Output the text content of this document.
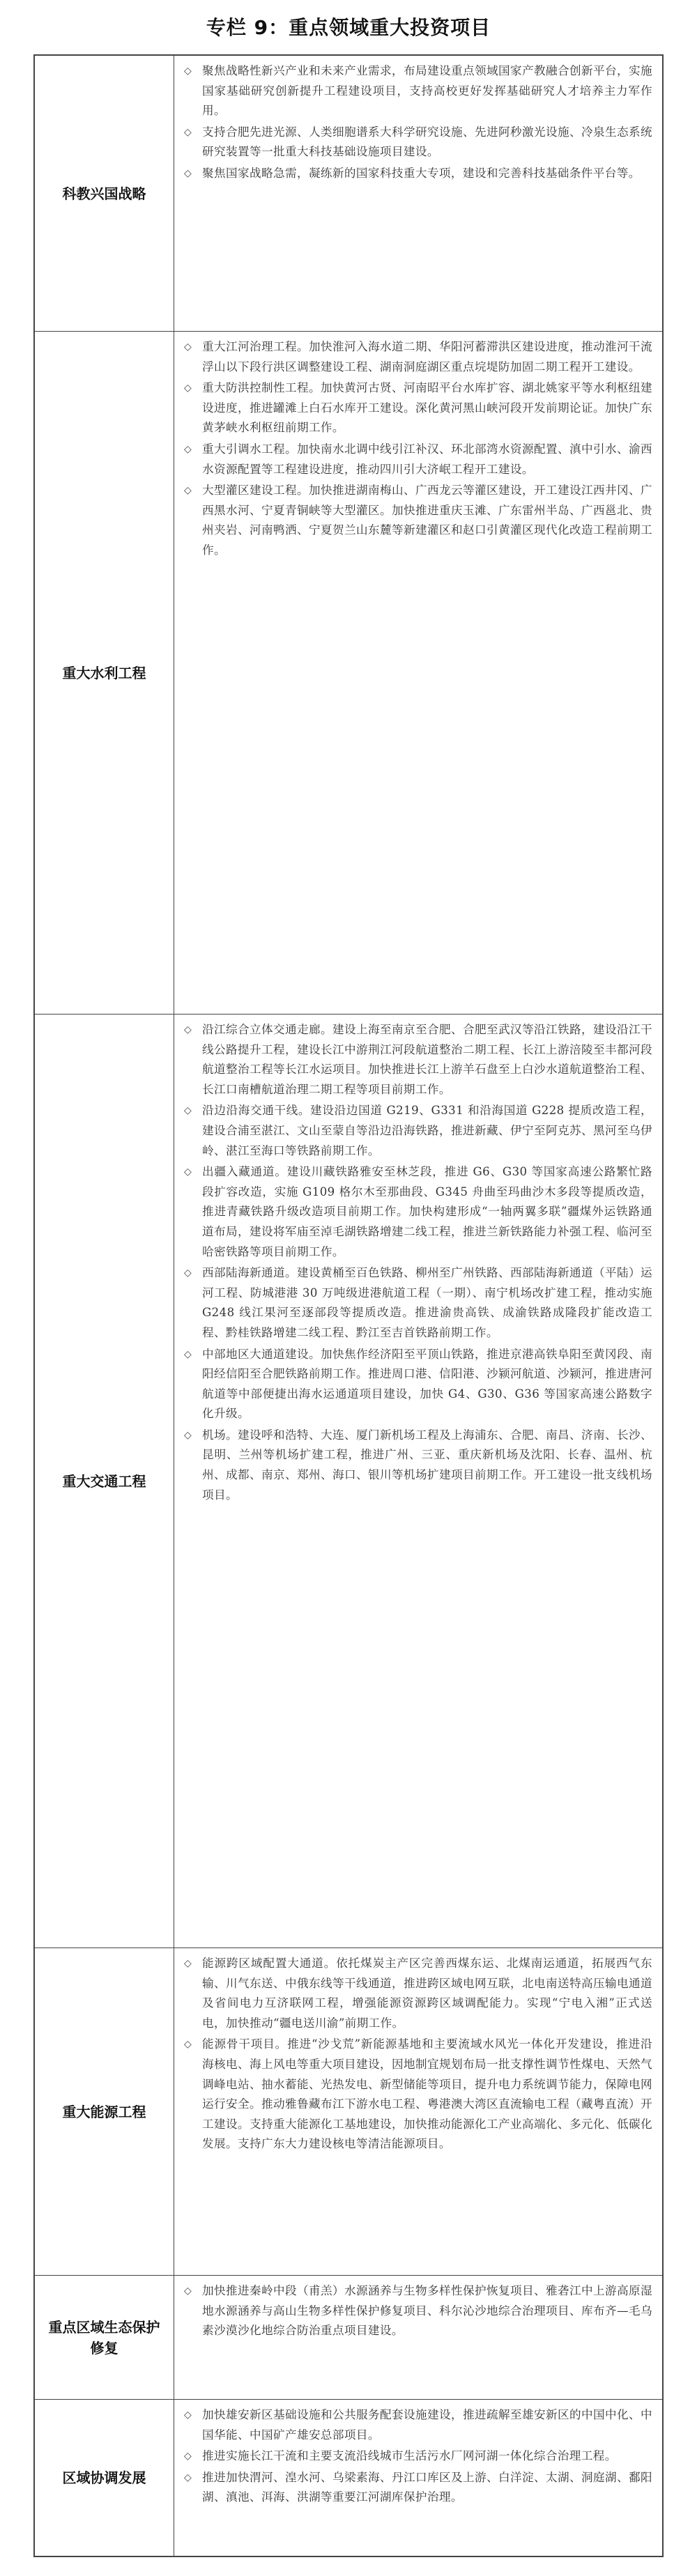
专栏 9：重点领域重大投资项目
科教兴国战略
◇ 聚焦战略性新兴产业和未来产业需求，布局建设重点领域国家产教融合创新平台，实施国家基础研究创新提升工程建设项目，支持高校更好发挥基础研究人才培养主力军作用。
◇ 支持合肥先进光源、人类细胞谱系大科学研究设施、先进阿秒激光设施、冷泉生态系统研究装置等一批重大科技基础设施项目建设。
◇ 聚焦国家战略急需，凝练新的国家科技重大专项，建设和完善科技基础条件平台等。
重大水利工程
◇ 重大江河治理工程。加快淮河入海水道二期、华阳河蓄滞洪区建设进度，推动淮河干流浮山以下段行洪区调整建设工程、湖南洞庭湖区重点垸堤防加固二期工程开工建设。
◇ 重大防洪控制性工程。加快黄河古贤、河南昭平台水库扩容、湖北姚家平等水利枢纽建设进度，推进罐滩上白石水库开工建设。深化黄河黑山峡河段开发前期论证。加快广东黄茅峡水利枢纽前期工作。
◇ 重大引调水工程。加快南水北调中线引江补汉、环北部湾水资源配置、滇中引水、渝西水资源配置等工程建设进度，推动四川引大济岷工程开工建设。
◇ 大型灌区建设工程。加快推进湖南梅山、广西龙云等灌区建设，开工建设江西井冈、广西黑水河、宁夏青铜峡等大型灌区。加快推进重庆玉滩、广东雷州半岛、广西邕北、贵州夹岩、河南鸭洒、宁夏贺兰山东麓等新建灌区和赵口引黄灌区现代化改造工程前期工作。
重大交通工程
◇ 沿江综合立体交通走廊。建设上海至南京至合肥、合肥至武汉等沿江铁路，建设沿江干线公路提升工程，建设长江中游荆江河段航道整治二期工程、长江上游涪陵至丰都河段航道整治工程等长江水运项目。加快推进长江上游羊石盘至上白沙水道航道整治工程、长江口南槽航道治理二期工程等项目前期工作。
◇ 沿边沿海交通干线。建设沿边国道 G219、G331 和沿海国道 G228 提质改造工程，建设合浦至湛江、文山至蒙自等沿边沿海铁路，推进新藏、伊宁至阿克苏、黑河至乌伊岭、湛江至海口等铁路前期工作。
◇ 出疆入藏通道。建设川藏铁路雅安至林芝段，推进 G6、G30 等国家高速公路繁忙路段扩容改造，实施 G109 格尔木至那曲段、G345 舟曲至玛曲沙木多段等提质改造，推进青藏铁路升级改造项目前期工作。加快构建形成“一轴两翼多联”疆煤外运铁路通道布局，建设将军庙至淖毛湖铁路增建二线工程，推进兰新铁路能力补强工程、临河至哈密铁路等项目前期工作。
◇ 西部陆海新通道。建设黄桶至百色铁路、柳州至广州铁路、西部陆海新通道（平陆）运河工程、防城港港 30 万吨级进港航道工程（一期）、南宁机场改扩建工程，推动实施 G248 线江果河至逐部段等提质改造。推进渝贵高铁、成渝铁路成隆段扩能改造工程、黔桂铁路增建二线工程、黔江至吉首铁路前期工作。
◇ 中部地区大通道建设。加快焦作经济阳至平顶山铁路，推进京港高铁阜阳至黄冈段、南阳经信阳至合肥铁路前期工作。推进周口港、信阳港、沙颍河航道、沙颍河，推进唐河航道等中部便捷出海水运通道项目建设，加快 G4、G30、G36 等国家高速公路数字化升级。
◇ 机场。建设呼和浩特、大连、厦门新机场工程及上海浦东、合肥、南昌、济南、长沙、昆明、兰州等机场扩建工程，推进广州、三亚、重庆新机场及沈阳、长春、温州、杭州、成都、南京、郑州、海口、银川等机场扩建项目前期工作。开工建设一批支线机场项目。
重大能源工程
◇ 能源跨区域配置大通道。依托煤炭主产区完善西煤东运、北煤南运通道，拓展西气东输、川气东送、中俄东线等干线通道，推进跨区域电网互联，北电南送特高压输电通道及省间电力互济联网工程，增强能源资源跨区域调配能力。实现“宁电入湘”正式送电，加快推动“疆电送川渝”前期工作。
◇ 能源骨干项目。推进“沙戈荒”新能源基地和主要流域水风光一体化开发建设，推进沿海核电、海上风电等重大项目建设，因地制宜规划布局一批支撑性调节性煤电、天然气调峰电站、抽水蓄能、光热发电、新型储能等项目，提升电力系统调节能力，保障电网运行安全。推动雅鲁藏布江下游水电工程、粤港澳大湾区直流输电工程（藏粤直流）开工建设。支持重大能源化工基地建设，加快推动能源化工产业高端化、多元化、低碳化发展。支持广东大力建设核电等清洁能源项目。
重点区域生态保护修复
◇ 加快推进秦岭中段（甫羔）水源涵养与生物多样性保护恢复项目、雅砻江中上游高原湿地水源涵养与高山生物多样性保护修复项目、科尔沁沙地综合治理项目、库布齐—毛乌素沙漠沙化地综合防治重点项目建设。
区域协调发展
◇ 加快雄安新区基础设施和公共服务配套设施建设，推进疏解至雄安新区的中国中化、中国华能、中国矿产雄安总部项目。
◇ 推进实施长江干流和主要支流沿线城市生活污水厂网河湖一体化综合治理工程。
◇ 推进加快渭河、湟水河、乌梁素海、丹江口库区及上游、白洋淀、太湖、洞庭湖、鄱阳湖、滇池、洱海、洪湖等重要江河湖库保护治理。
